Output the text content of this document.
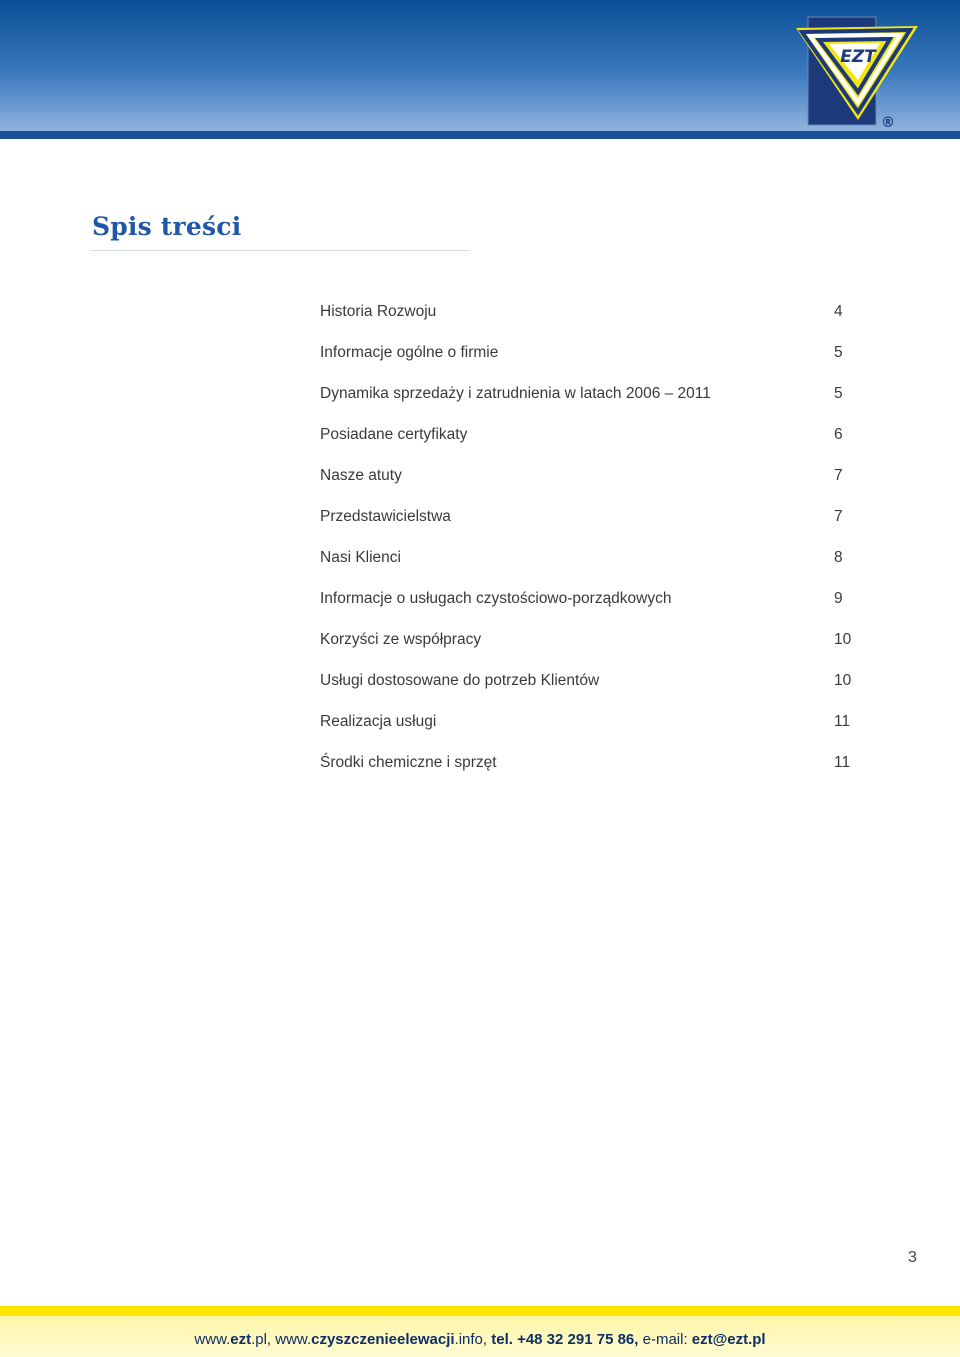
EZT
®
Spis treści
Historia Rozwoju	4
Informacje ogólne o firmie	5
Dynamika sprzedaży i zatrudnienia w latach 2006 – 2011	5
Posiadane certyfikaty	6
Nasze atuty	7
Przedstawicielstwa	7
Nasi Klienci	8
Informacje o usługach czystościowo-porządkowych	9
Korzyści ze współpracy	10
Usługi dostosowane do potrzeb Klientów	10
Realizacja usługi	11
Środki chemiczne i sprzęt	11
3
www.ezt.pl, www.czyszczenieelewacji.info, tel. +48 32 291 75 86, e-mail: ezt@ezt.pl
